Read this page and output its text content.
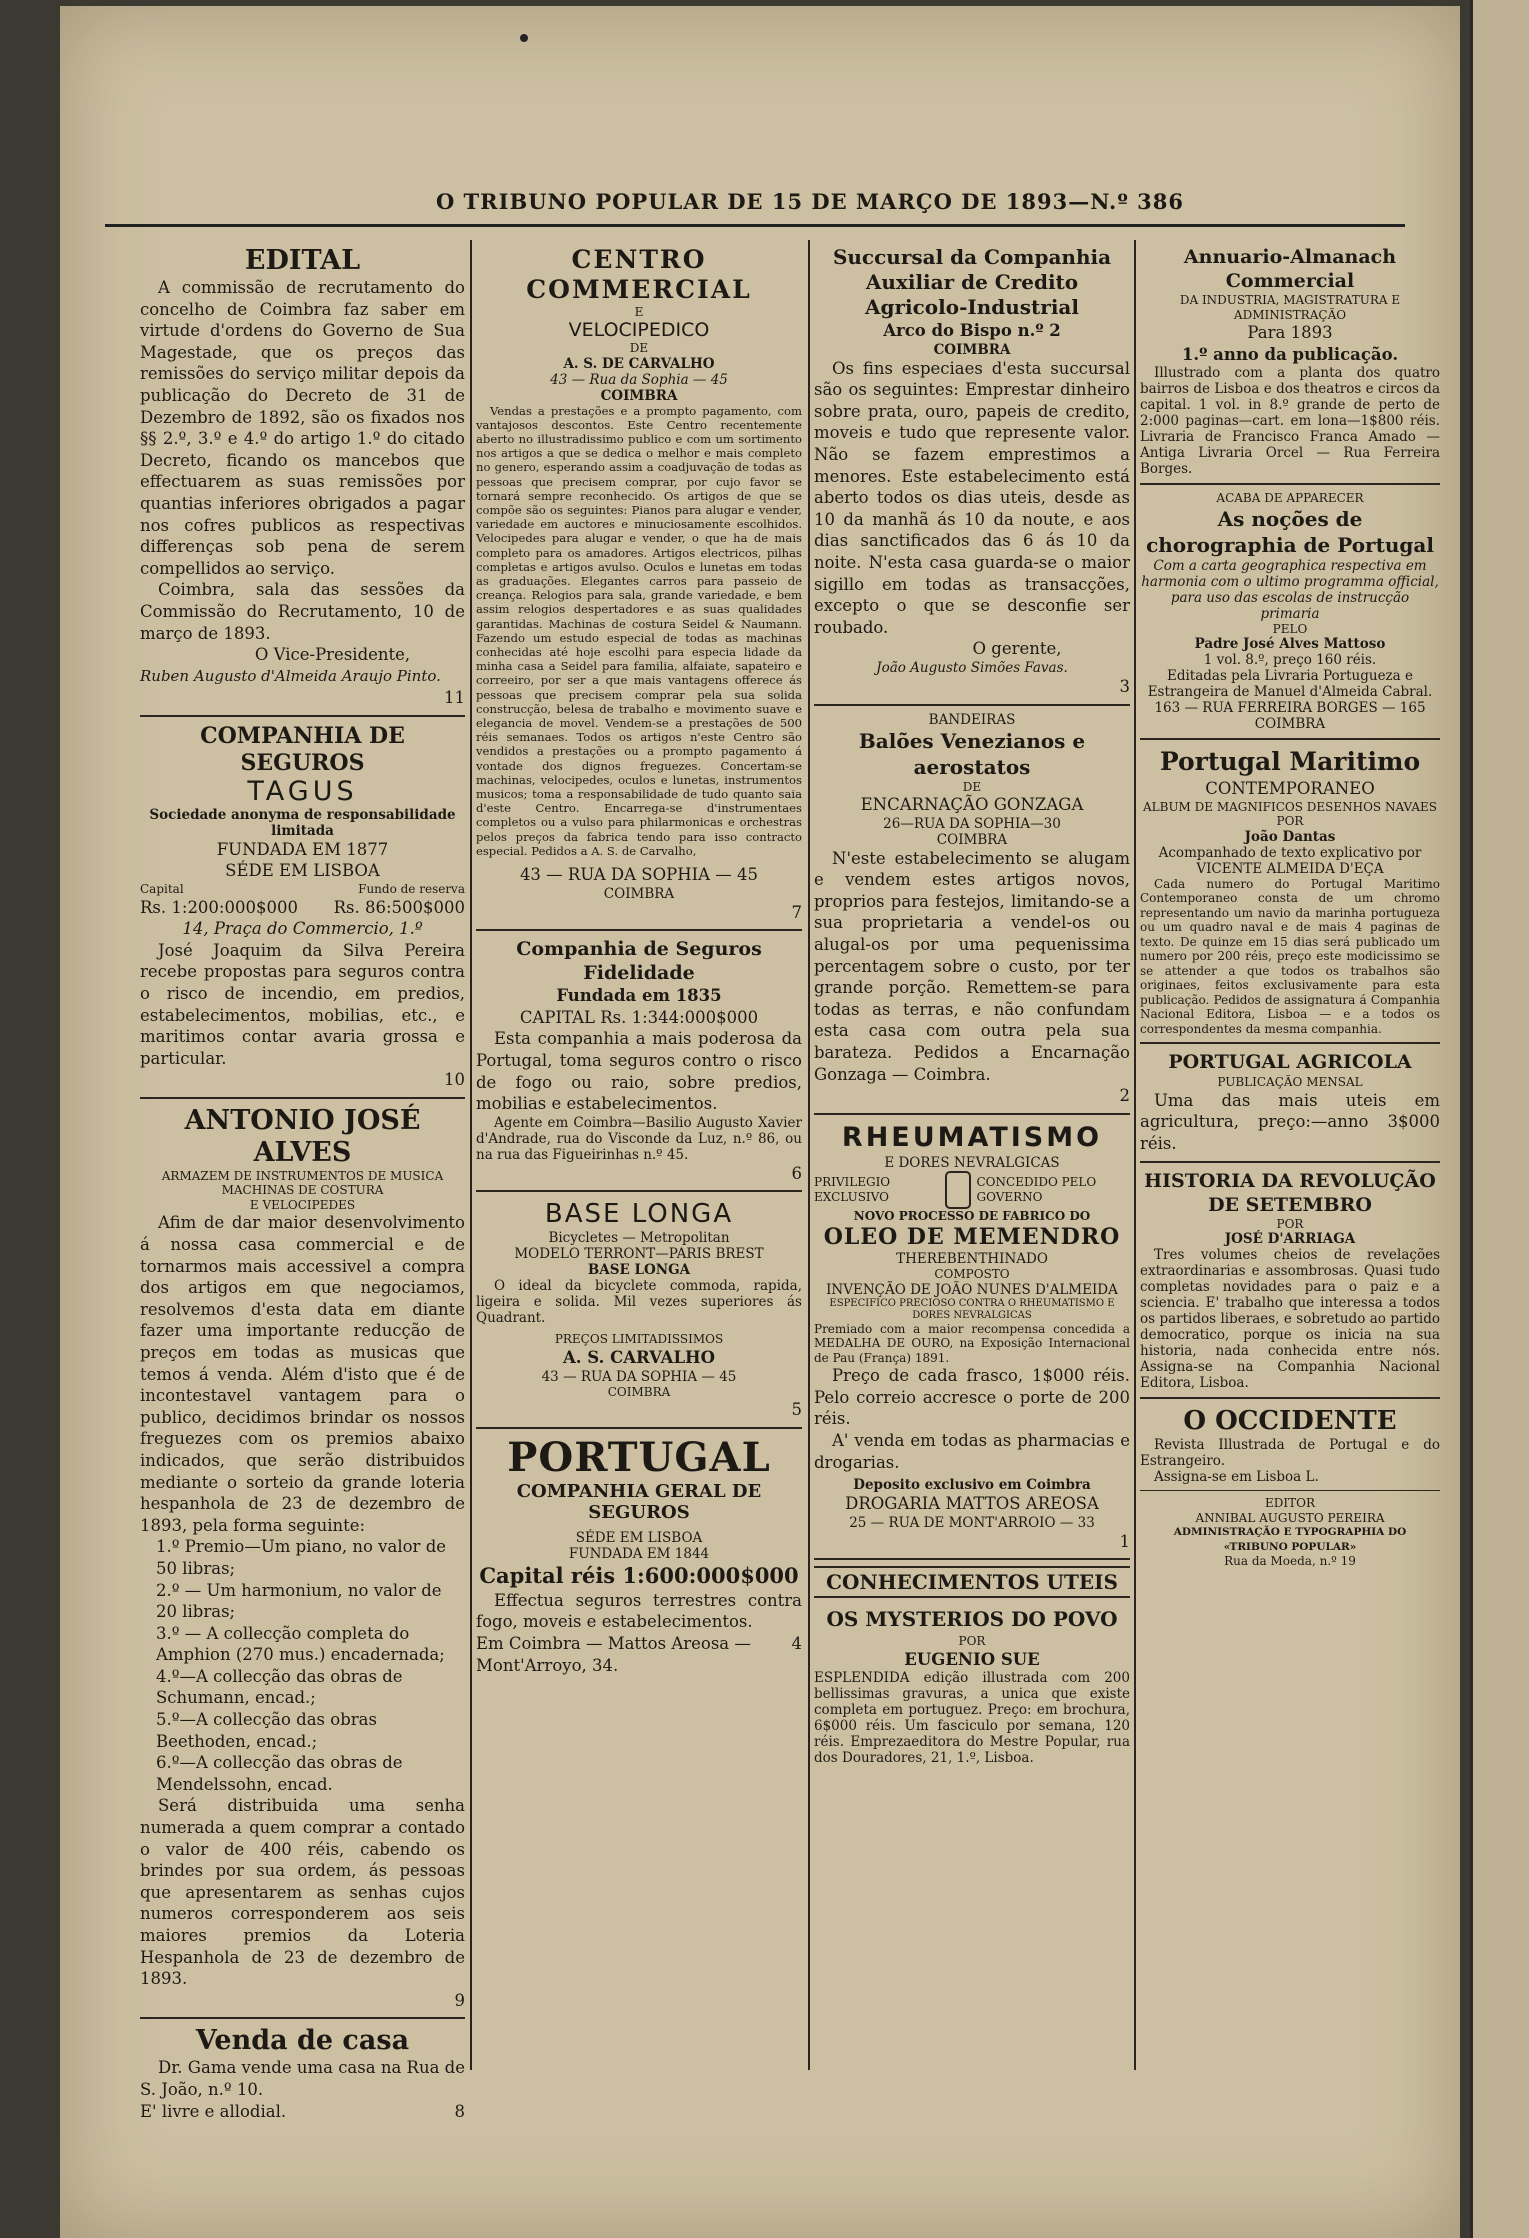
O TRIBUNO POPULAR DE 15 DE MARÇO DE 1893—N.º 386
EDITAL

A commissão de recrutamento do concelho de Coimbra faz saber em virtude d'ordens do Governo de Sua Magestade, que os preços das remissões do serviço militar depois da publicação do Decreto de 31 de Dezembro de 1892, são os fixados nos §§ 2.º, 3.º e 4.º do artigo 1.º do citado Decreto, ficando os mancebos que effectuarem as suas remissões por quantias inferiores obrigados a pagar nos cofres publicos as respectivas differenças sob pena de serem compellidos ao serviço.

Coimbra, sala das sessões da Commissão do Recrutamento, 10 de março de 1893.

O Vice-Presidente,

Ruben Augusto d'Almeida Araujo Pinto.

11

COMPANHIA DE SEGUROS
TAGUS

Sociedade anonyma de responsabilidade limitada

FUNDADA EM 1877

SÉDE EM LISBOA

Capital	Fundo de reserva
Rs. 1:200:000$000 Rs. 86:500$000

14, Praça do Commercio, 1.º

José Joaquim da Silva Pereira recebe propostas para seguros contra o risco de incendio, em predios, estabelecimentos, mobilias, etc., e maritimos contar avaria grossa e particular.

10

ANTONIO JOSÉ ALVES

ARMAZEM DE INSTRUMENTOS DE MUSICA

MACHINAS DE COSTURA

E VELOCIPEDES

Afim de dar maior desenvolvimento á nossa casa commercial e de tornarmos mais accessivel a compra dos artigos em que negociamos, resolvemos d'esta data em diante fazer uma importante reducção de preços em todas as musicas que temos á venda. Além d'isto que é de incontestavel vantagem para o publico, decidimos brindar os nossos freguezes com os premios abaixo indicados, que serão distribuidos mediante o sorteio da grande loteria hespanhola de 23 de dezembro de 1893, pela forma seguinte:

1.º Premio—Um piano, no valor de 50 libras;

2.º — Um harmonium, no valor de 20 libras;

3.º — A collecção completa do Amphion (270 mus.) encadernada;

4.º—A collecção das obras de Schumann, encad.;

5.º—A collecção das obras Beethoden, encad.;

6.º—A collecção das obras de Mendelssohn, encad.

Será distribuida uma senha numerada a quem comprar a contado o valor de 400 réis, cabendo os brindes por sua ordem, ás pessoas que apresentarem as senhas cujos numeros corresponderem aos seis maiores premios da Loteria Hespanhola de 23 de dezembro de 1893.

9

Venda de casa

Dr. Gama vende uma casa na Rua de S. João, n.º 10.

E' livre e allodial.	8
CENTRO COMMERCIAL

E

VELOCIPEDICO

DE

A. S. DE CARVALHO

43 — Rua da Sophia — 45

COIMBRA

Vendas a prestações e a prompto pagamento, com vantajosos descontos. Este Centro recentemente aberto no illustradissimo publico e com um sortimento nos artigos a que se dedica o melhor e mais completo no genero, esperando assim a coadjuvação de todas as pessoas que precisem comprar, por cujo favor se tornará sempre reconhecido. Os artigos de que se compõe são os seguintes: Pianos para alugar e vender, variedade em auctores e minuciosamente escolhidos. Velocipedes para alugar e vender, o que ha de mais completo para os amadores. Artigos electricos, pilhas completas e artigos avulso. Oculos e lunetas em todas as graduações. Elegantes carros para passeio de creança. Relogios para sala, grande variedade, e bem assim relogios despertadores e as suas qualidades garantidas. Machinas de costura Seidel & Naumann. Fazendo um estudo especial de todas as machinas conhecidas até hoje escolhi para especia lidade da minha casa a Seidel para familia, alfaiate, sapateiro e correeiro, por ser a que mais vantagens offerece ás pessoas que precisem comprar pela sua solida construcção, belesa de trabalho e movimento suave e elegancia de movel. Vendem-se a prestações de 500 réis semanaes. Todos os artigos n'este Centro são vendidos a prestações ou a prompto pagamento á vontade dos dignos freguezes. Concertam-se machinas, velocipedes, oculos e lunetas, instrumentos musicos; toma a responsabilidade de tudo quanto saia d'este Centro. Encarrega-se d'instrumentaes completos ou a vulso para philarmonicas e orchestras pelos preços da fabrica tendo para isso contracto especial. Pedidos a A. S. de Carvalho,

43 — RUA DA SOPHIA — 45

COIMBRA

7

Companhia de Seguros Fidelidade

Fundada em 1835

CAPITAL Rs. 1:344:000$000

Esta companhia a mais poderosa da Portugal, toma seguros contro o risco de fogo ou raio, sobre predios, mobilias e estabelecimentos.

Agente em Coimbra—Basilio Augusto Xavier d'Andrade, rua do Visconde da Luz, n.º 86, ou na rua das Figueirinhas n.º 45.

6

BASE LONGA

Bicycletes — Metropolitan

MODELO TERRONT—PARIS BREST

BASE LONGA

O ideal da bicyclete commoda, rapida, ligeira e solida. Mil vezes superiores ás Quadrant.

PREÇOS LIMITADISSIMOS

A. S. CARVALHO

43 — RUA DA SOPHIA — 45

COIMBRA

5

PORTUGAL

COMPANHIA GERAL DE SEGUROS

SÉDE EM LISBOA

FUNDADA EM 1844

Capital réis 1:600:000$000

Effectua seguros terrestres contra fogo, moveis e estabelecimentos.

Em Coimbra — Mattos Areosa — Mont'Arroyo, 34.
4
Succursal da Companhia Auxiliar de Credito Agricolo-Industrial

Arco do Bispo n.º 2

COIMBRA

Os fins especiaes d'esta succursal são os seguintes: Emprestar dinheiro sobre prata, ouro, papeis de credito, moveis e tudo que represente valor. Não se fazem emprestimos a menores. Este estabelecimento está aberto todos os dias uteis, desde as 10 da manhã ás 10 da noute, e aos dias sanctificados das 6 ás 10 da noite. N'esta casa guarda-se o maior sigillo em todas as transacções, excepto o que se desconfie ser roubado.

O gerente,

João Augusto Simões Favas.

3

BANDEIRAS

Balões Venezianos e aerostatos

DE

ENCARNAÇÃO GONZAGA

26—RUA DA SOPHIA—30

COIMBRA

N'este estabelecimento se alugam e vendem estes artigos novos, proprios para festejos, limitando-se a sua proprietaria a vendel-os ou alugal-os por uma pequenissima percentagem sobre o custo, por ter grande porção. Remettem-se para todas as terras, e não confundam esta casa com outra pela sua barateza. Pedidos a Encarnação Gonzaga — Coimbra.

2

RHEUMATISMO

E DORES NEVRALGICAS

PRIVILEGIO EXCLUSIVO
CONCEDIDO PELO GOVERNO

NOVO PROCESSO DE FABRICO DO

OLEO DE MEMENDRO

THEREBENTHINADO

COMPOSTO

INVENÇÃO DE JOÃO NUNES D'ALMEIDA

ESPECIFICO PRECIOSO CONTRA O RHEUMATISMO E DORES NEVRALGICAS

Premiado com a maior recompensa concedida a MEDALHA DE OURO, na Exposição Internacional de Pau (França) 1891.

Preço de cada frasco, 1$000 réis. Pelo correio accresce o porte de 200 réis.

A' venda em todas as pharmacias e drogarias.

Deposito exclusivo em Coimbra

DROGARIA MATTOS AREOSA

25 — RUA DE MONT'ARROIO — 33

1

CONHECIMENTOS UTEIS
OS MYSTERIOS DO POVO

POR

EUGENIO SUE

ESPLENDIDA edição illustrada com 200 bellissimas gravuras, a unica que existe completa em portuguez. Preço: em brochura, 6$000 réis. Um fasciculo por semana, 120 réis. Emprezaeditora do Mestre Popular, rua dos Douradores, 21, 1.º, Lisboa.

Annuario-Almanach Commercial

DA INDUSTRIA, MAGISTRATURA E ADMINISTRAÇÃO

Para 1893

1.º anno da publicação.

Illustrado com a planta dos quatro bairros de Lisboa e dos theatros e circos da capital. 1 vol. in 8.º grande de perto de 2:000 paginas—cart. em lona—1$800 réis. Livraria de Francisco Franca Amado — Antiga Livraria Orcel — Rua Ferreira Borges.

ACABA DE APPARECER

As noções de chorographia de Portugal

Com a carta geographica respectiva em harmonia com o ultimo programma official, para uso das escolas de instrucção primaria

PELO

Padre José Alves Mattoso

1 vol. 8.º, preço 160 réis.

Editadas pela Livraria Portugueza e Estrangeira de Manuel d'Almeida Cabral.

163 — RUA FERREIRA BORGES — 165

COIMBRA

Portugal Maritimo

CONTEMPORANEO

ALBUM DE MAGNIFICOS DESENHOS NAVAES

POR

João Dantas

Acompanhado de texto explicativo por

VICENTE ALMEIDA D'EÇA

Cada numero do Portugal Maritimo Contemporaneo consta de um chromo representando um navio da marinha portugueza ou um quadro naval e de mais 4 paginas de texto. De quinze em 15 dias será publicado um numero por 200 réis, preço este modicissimo se se attender a que todos os trabalhos são originaes, feitos exclusivamente para esta publicação. Pedidos de assignatura á Companhia Nacional Editora, Lisboa — e a todos os correspondentes da mesma companhia.

PORTUGAL AGRICOLA

PUBLICAÇÃO MENSAL

Uma das mais uteis em agricultura, preço:—anno 3$000 réis.

HISTORIA DA REVOLUÇÃO DE SETEMBRO

POR

JOSÉ D'ARRIAGA

Tres volumes cheios de revelações extraordinarias e assombrosas. Quasi tudo completas novidades para o paiz e a sciencia. E' trabalho que interessa a todos os partidos liberaes, e sobretudo ao partido democratico, porque os inicia na sua historia, nada conhecida entre nós. Assigna-se na Companhia Nacional Editora, Lisboa.

O OCCIDENTE

Revista Illustrada de Portugal e do Estrangeiro.

Assigna-se em Lisboa L.

EDITOR

ANNIBAL AUGUSTO PEREIRA

ADMINISTRAÇÃO E TYPOGRAPHIA DO «TRIBUNO POPULAR»

Rua da Moeda, n.º 19
